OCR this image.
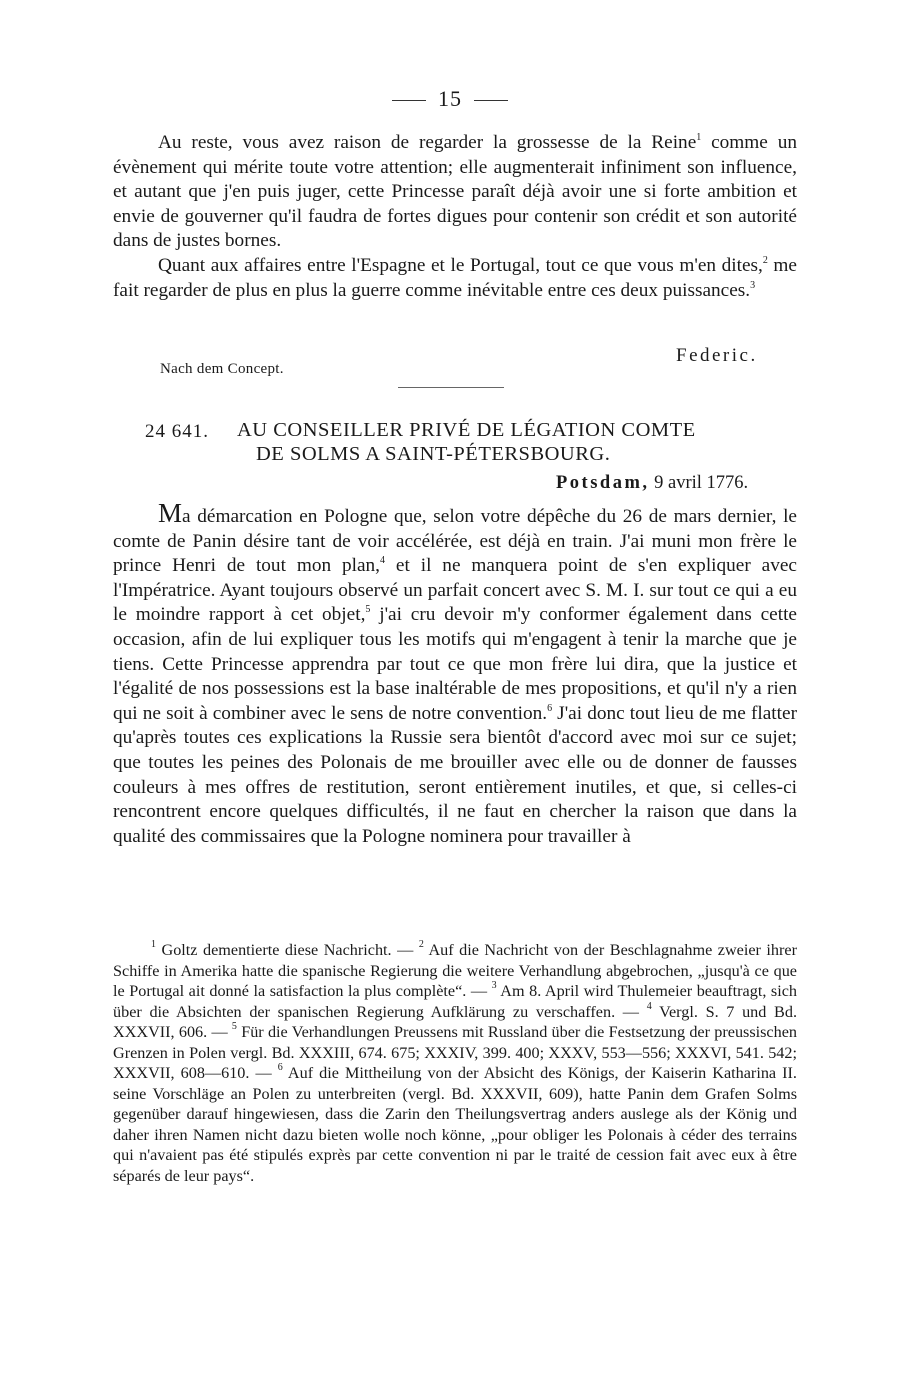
15

Au reste, vous avez raison de regarder la grossesse de la Reine$^1$ comme un évènement qui mérite toute votre attention; elle augmenterait infiniment son influence, et autant que j'en puis juger, cette Princesse paraît déjà avoir une si forte ambition et envie de gouverner qu'il faudra de fortes digues pour contenir son crédit et son autorité dans de justes bornes.

Quant aux affaires entre l'Espagne et le Portugal, tout ce que vous m'en dites,$^2$ me fait regarder de plus en plus la guerre comme inévitable entre ces deux puissances.$^3$

Federic.
Nach dem Concept.
24 641. AU CONSEILLER PRIVÉ DE LÉGATION COMTE
DE SOLMS A SAINT-PÉTERSBOURG.
Potsdam, 9 avril 1776.

Ma démarcation en Pologne que, selon votre dépêche du 26 de mars dernier, le comte de Panin désire tant de voir accélérée, est déjà en train. J'ai muni mon frère le prince Henri de tout mon plan,$^4$ et il ne manquera point de s'en expliquer avec l'Impératrice. Ayant toujours observé un parfait concert avec S. M. I. sur tout ce qui a eu le moindre rapport à cet objet,$^5$ j'ai cru devoir m'y conformer également dans cette occasion, afin de lui expliquer tous les motifs qui m'engagent à tenir la marche que je tiens. Cette Princesse apprendra par tout ce que mon frère lui dira, que la justice et l'égalité de nos possessions est la base inaltérable de mes propositions, et qu'il n'y a rien qui ne soit à combiner avec le sens de notre convention.$^6$ J'ai donc tout lieu de me flatter qu'après toutes ces explications la Russie sera bientôt d'accord avec moi sur ce sujet; que toutes les peines des Polonais de me brouiller avec elle ou de donner de fausses couleurs à mes offres de restitution, seront entièrement inutiles, et que, si celles-ci rencontrent encore quelques difficultés, il ne faut en chercher la raison que dans la qualité des commissaires que la Pologne nominera pour travailler à

$^1$ Goltz dementierte diese Nachricht. — $^2$ Auf die Nachricht von der Beschlagnahme zweier ihrer Schiffe in Amerika hatte die spanische Regierung die weitere Verhandlung abgebrochen, „jusqu'à ce que le Portugal ait donné la satisfaction la plus complète“. — $^3$ Am 8. April wird Thulemeier beauftragt, sich über die Absichten der spanischen Regierung Aufklärung zu verschaffen. — $^4$ Vergl. S. 7 und Bd. XXXVII, 606. — $^5$ Für die Verhandlungen Preussens mit Russland über die Festsetzung der preussischen Grenzen in Polen vergl. Bd. XXXIII, 674. 675; XXXIV, 399. 400; XXXV, 553—556; XXXVI, 541. 542; XXXVII, 608—610. — $^6$ Auf die Mittheilung von der Absicht des Königs, der Kaiserin Katharina II. seine Vorschläge an Polen zu unterbreiten (vergl. Bd. XXXVII, 609), hatte Panin dem Grafen Solms gegenüber darauf hingewiesen, dass die Zarin den Theilungsvertrag anders auslege als der König und daher ihren Namen nicht dazu bieten wolle noch könne, „pour obliger les Polonais à céder des terrains qui n'avaient pas été stipulés exprès par cette convention ni par le traité de cession fait avec eux à être séparés de leur pays“.
